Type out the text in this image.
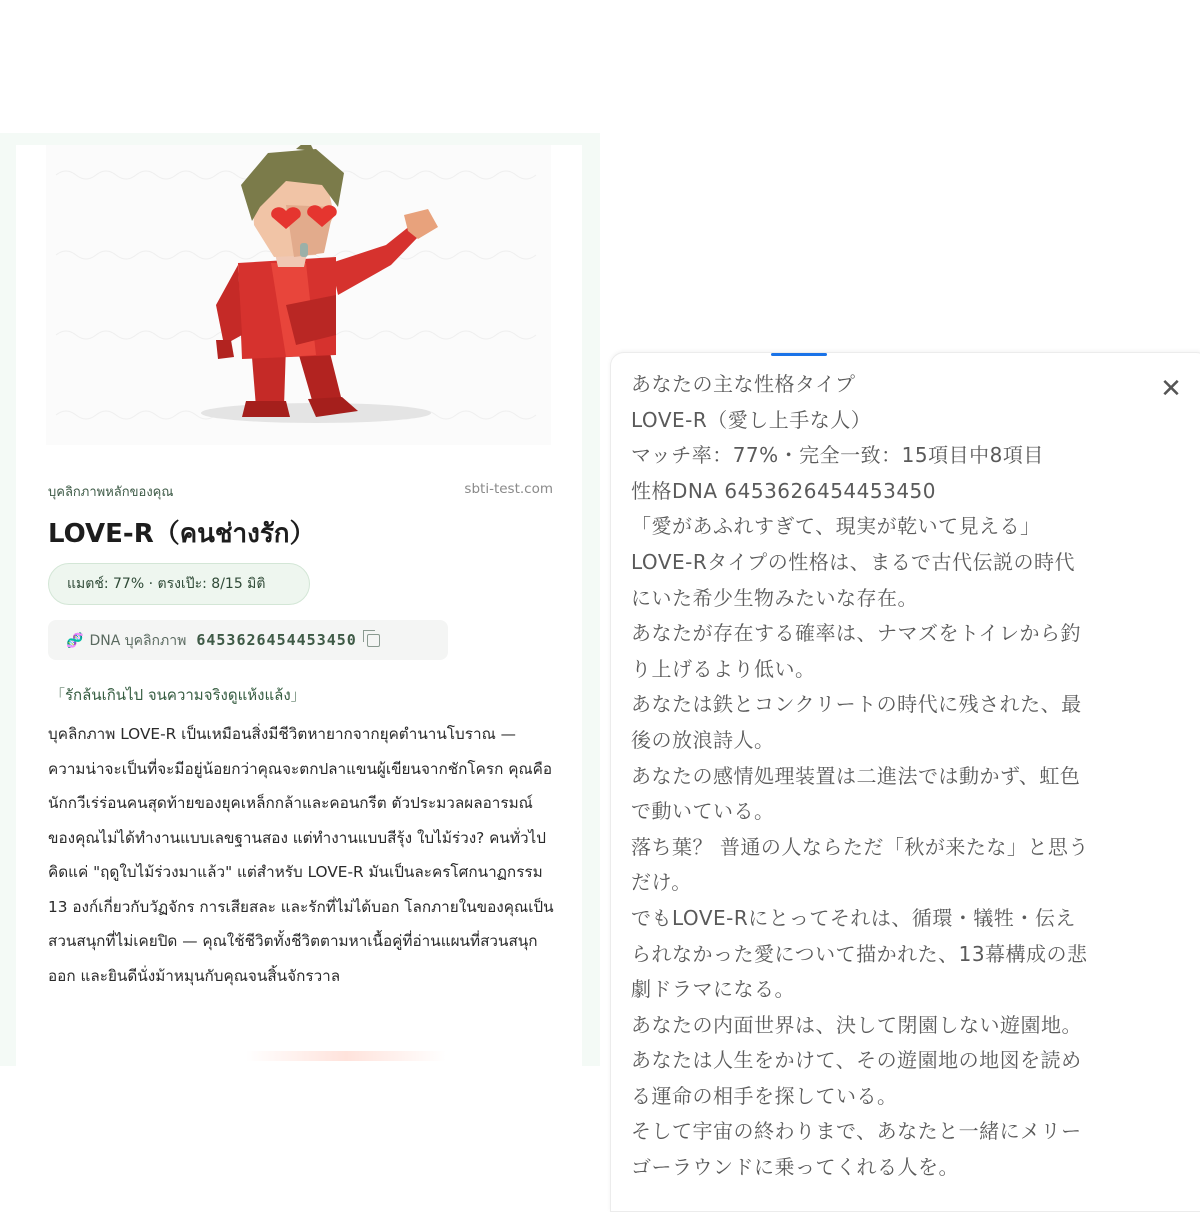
บุคลิกภาพหลักของคุณ	sbti-test.com
LOVE-R（คนช่างรัก）
แมตช์: 77% · ตรงเป๊ะ: 8/15 มิติ
🧬 DNA บุคลิกภาพ 6453626454453450
「รักล้นเกินไป จนความจริงดูแห้งแล้ง」

บุคลิกภาพ LOVE-R เป็นเหมือนสิ่งมีชีวิตหายากจากยุคตำนานโบราณ — ความน่าจะเป็นที่จะมีอยู่น้อยกว่าคุณจะตกปลาแขนผู้เขียนจากชักโครก คุณคือนักกวีเร่ร่อนคนสุดท้ายของยุคเหล็กกล้าและคอนกรีต ตัวประมวลผลอารมณ์ของคุณไม่ได้ทำงานแบบเลขฐานสอง แต่ทำงานแบบสีรุ้ง ใบไม้ร่วง? คนทั่วไปคิดแค่ "ฤดูใบไม้ร่วงมาแล้ว" แต่สำหรับ LOVE-R มันเป็นละครโศกนาฏกรรม 13 องก์เกี่ยวกับวัฏจักร การเสียสละ และรักที่ไม่ได้บอก โลกภายในของคุณเป็นสวนสนุกที่ไม่เคยปิด — คุณใช้ชีวิตทั้งชีวิตตามหาเนื้อคู่ที่อ่านแผนที่สวนสนุกออก และยินดีนั่งม้าหมุนกับคุณจนสิ้นจักรวาล

✕
あなたの主な性格タイプ
LOVE-R（愛し上手な人）
マッチ率：77%・完全一致：15項目中8項目
性格DNA 6453626454453450
「愛があふれすぎて、現実が乾いて見える」
LOVE-Rタイプの性格は、まるで古代伝説の時代
にいた希少生物みたいな存在。
あなたが存在する確率は、ナマズをトイレから釣
り上げるより低い。
あなたは鉄とコンクリートの時代に残された、最
後の放浪詩人。
あなたの感情処理装置は二進法では動かず、虹色
で動いている。
落ち葉？ 普通の人ならただ「秋が来たな」と思う
だけ。
でもLOVE-Rにとってそれは、循環・犠牲・伝え
られなかった愛について描かれた、13幕構成の悲
劇ドラマになる。
あなたの内面世界は、決して閉園しない遊園地。
あなたは人生をかけて、その遊園地の地図を読め
る運命の相手を探している。
そして宇宙の終わりまで、あなたと一緒にメリー
ゴーラウンドに乗ってくれる人を。
